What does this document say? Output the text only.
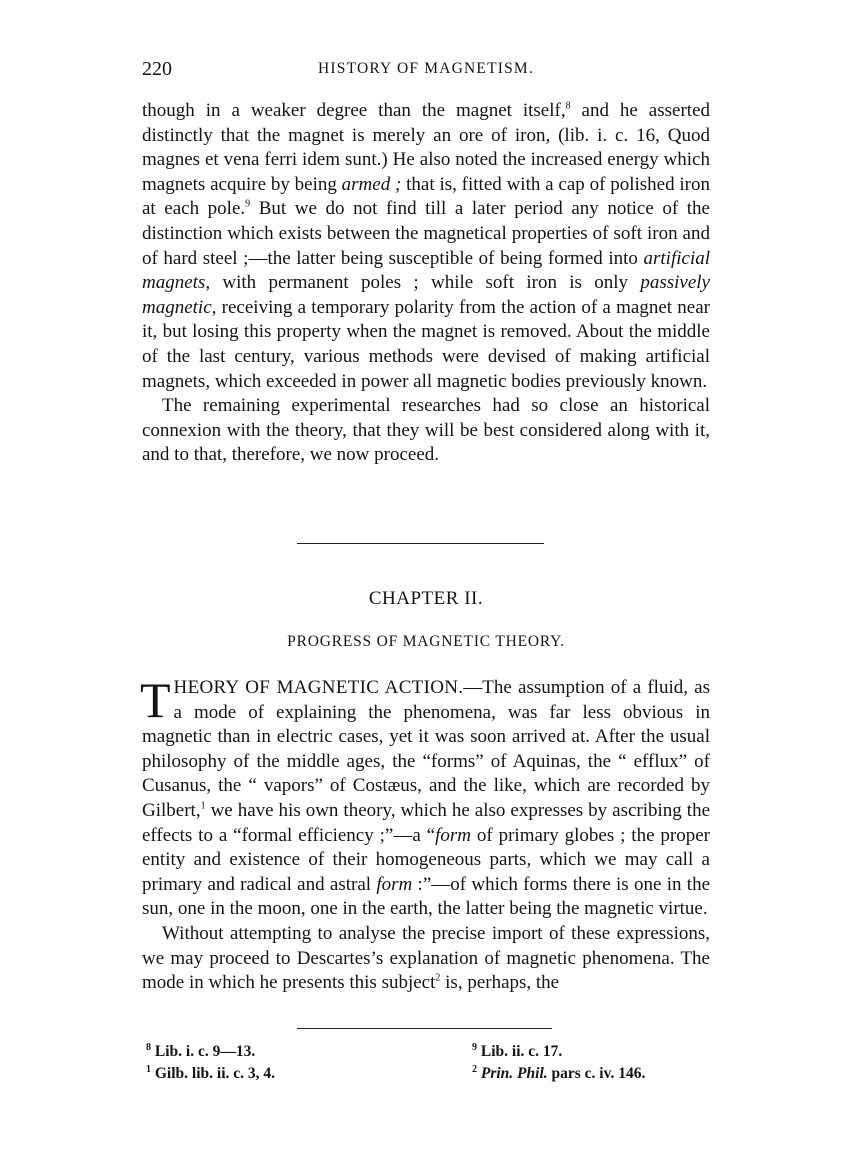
220	HISTORY OF MAGNETISM.

though in a weaker degree than the magnet itself,$^8$ and he asserted distinctly that the magnet is merely an ore of iron, (lib. i. c. 16, Quod magnes et vena ferri idem sunt.) He also noted the increased energy which magnets acquire by being armed ; that is, fitted with a cap of polished iron at each pole.$^9$ But we do not find till a later period any notice of the distinction which exists between the magnetical properties of soft iron and of hard steel ;—the latter being susceptible of being formed into artificial magnets, with permanent poles ; while soft iron is only passively magnetic, receiving a temporary polarity from the action of a magnet near it, but losing this property when the magnet is removed. About the middle of the last century, various methods were devised of making artificial magnets, which exceeded in power all magnetic bodies previously known.

The remaining experimental researches had so close an historical connexion with the theory, that they will be best considered along with it, and to that, therefore, we now proceed.

CHAPTER II.
PROGRESS OF MAGNETIC THEORY.

THEORY OF MAGNETIC ACTION.—The assumption of a fluid, as a mode of explaining the phenomena, was far less obvious in magnetic than in electric cases, yet it was soon arrived at. After the usual philosophy of the middle ages, the “forms” of Aquinas, the “ efflux” of Cusanus, the “ vapors” of Costæus, and the like, which are recorded by Gilbert,$^1$ we have his own theory, which he also expresses by ascribing the effects to a “formal efficiency ;”—a “form of primary globes ; the proper entity and existence of their homogeneous parts, which we may call a primary and radical and astral form :”—of which forms there is one in the sun, one in the moon, one in the earth, the latter being the magnetic virtue.

Without attempting to analyse the precise import of these expressions, we may proceed to Descartes’s explanation of magnetic phenomena. The mode in which he presents this subject$^2$ is, perhaps, the

$^8$ Lib. i. c. 9—13.
$^1$ Gilb. lib. ii. c. 3, 4.
$^9$ Lib. ii. c. 17.
$^2$ Prin. Phil. pars c. iv. 146.
